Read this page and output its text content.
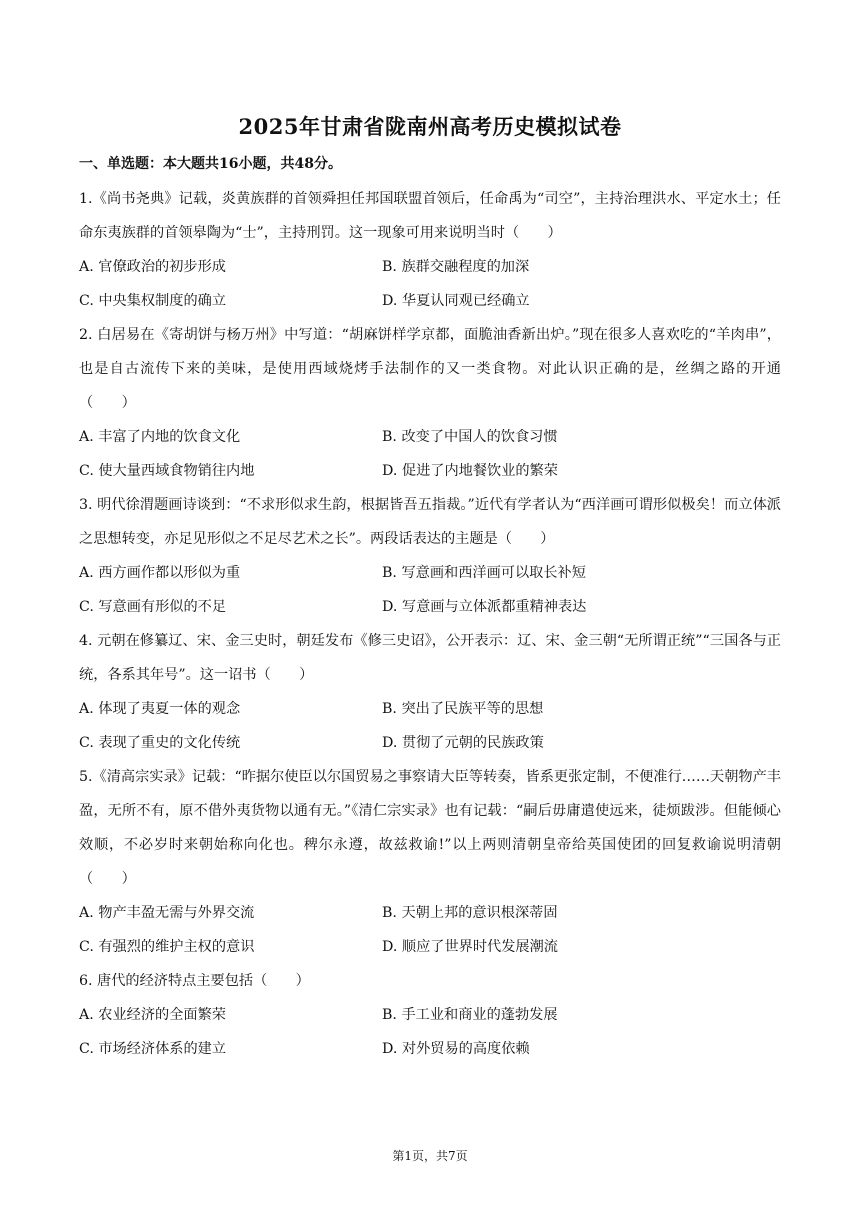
2025年甘肃省陇南州高考历史模拟试卷
一、单选题：本大题共16小题，共48分。
1.《尚书尧典》记载，炎黄族群的首领舜担任邦国联盟首领后，任命禹为“司空”，主持治理洪水、平定水土；任命东夷族群的首领皋陶为“士”，主持刑罚。这一现象可用来说明当时（　　）
A. 官僚政治的初步形成	B. 族群交融程度的加深
C. 中央集权制度的确立	D. 华夏认同观已经确立
2. 白居易在《寄胡饼与杨万州》中写道：“胡麻饼样学京都，面脆油香新出炉。”现在很多人喜欢吃的“羊肉串”，也是自古流传下来的美味，是使用西域烧烤手法制作的又一类食物。对此认识正确的是，丝绸之路的开通（　　）
A. 丰富了内地的饮食文化	B. 改变了中国人的饮食习惯
C. 使大量西域食物销往内地	D. 促进了内地餐饮业的繁荣
3. 明代徐渭题画诗谈到：“不求形似求生韵，根据皆吾五指裁。”近代有学者认为“西洋画可谓形似极矣！而立体派之思想转变，亦足见形似之不足尽艺术之长”。两段话表达的主题是（　　）
A. 西方画作都以形似为重	B. 写意画和西洋画可以取长补短
C. 写意画有形似的不足	D. 写意画与立体派都重精神表达
4. 元朝在修纂辽、宋、金三史时，朝廷发布《修三史诏》，公开表示：辽、宋、金三朝“无所谓正统”“三国各与正统，各系其年号”。这一诏书（　　）
A. 体现了夷夏一体的观念	B. 突出了民族平等的思想
C. 表现了重史的文化传统	D. 贯彻了元朝的民族政策
5.《清高宗实录》记载：“昨据尔使臣以尔国贸易之事察请大臣等转奏，皆系更张定制，不便准行……天朝物产丰盈，无所不有，原不借外夷货物以通有无。”《清仁宗实录》也有记载：“嗣后毋庸遣使远来，徒烦跋涉。但能倾心效顺，不必岁时来朝始称向化也。稗尔永遵，故兹救谕!”以上两则清朝皇帝给英国使团的回复救谕说明清朝（　　）
A. 物产丰盈无需与外界交流	B. 天朝上邦的意识根深蒂固
C. 有强烈的维护主权的意识	D. 顺应了世界时代发展潮流
6. 唐代的经济特点主要包括（　　）
A. 农业经济的全面繁荣	B. 手工业和商业的蓬勃发展
C. 市场经济体系的建立	D. 对外贸易的高度依赖
第1页，共7页
